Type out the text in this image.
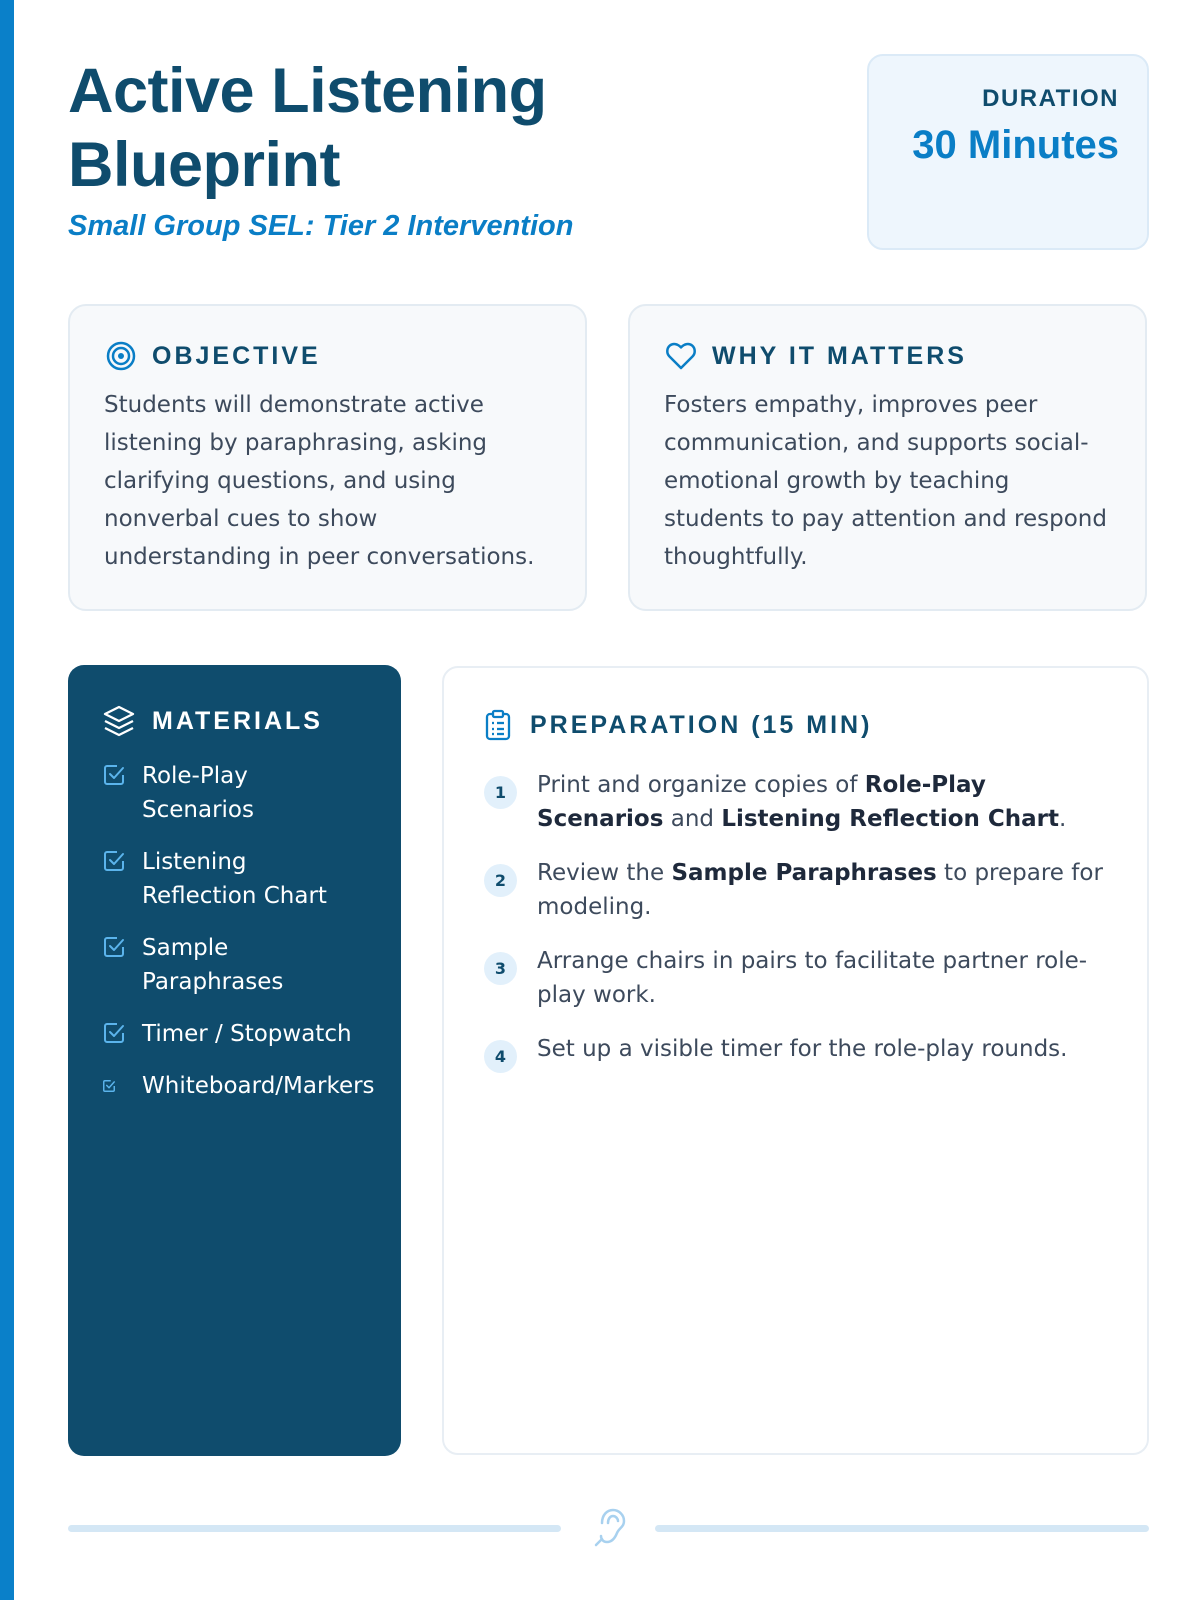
Active Listening Blueprint
Small Group SEL: Tier 2 Intervention
DURATION
30 Minutes
OBJECTIVE

Students will demonstrate active listening by paraphrasing, asking clarifying questions, and using nonverbal cues to show understanding in peer conversations.

WHY IT MATTERS

Fosters empathy, improves peer communication, and supports social-emotional growth by teaching students to pay attention and respond thoughtfully.

MATERIALS
Role-Play Scenarios
Listening Reflection Chart
Sample Paraphrases
Timer / Stopwatch
Whiteboard/Markers
PREPARATION (15 MIN)
1	Print and organize copies of Role-Play Scenarios and Listening Reflection Chart.
2	Review the Sample Paraphrases to prepare for modeling.
3	Arrange chairs in pairs to facilitate partner role-play work.
4	Set up a visible timer for the role-play rounds.
